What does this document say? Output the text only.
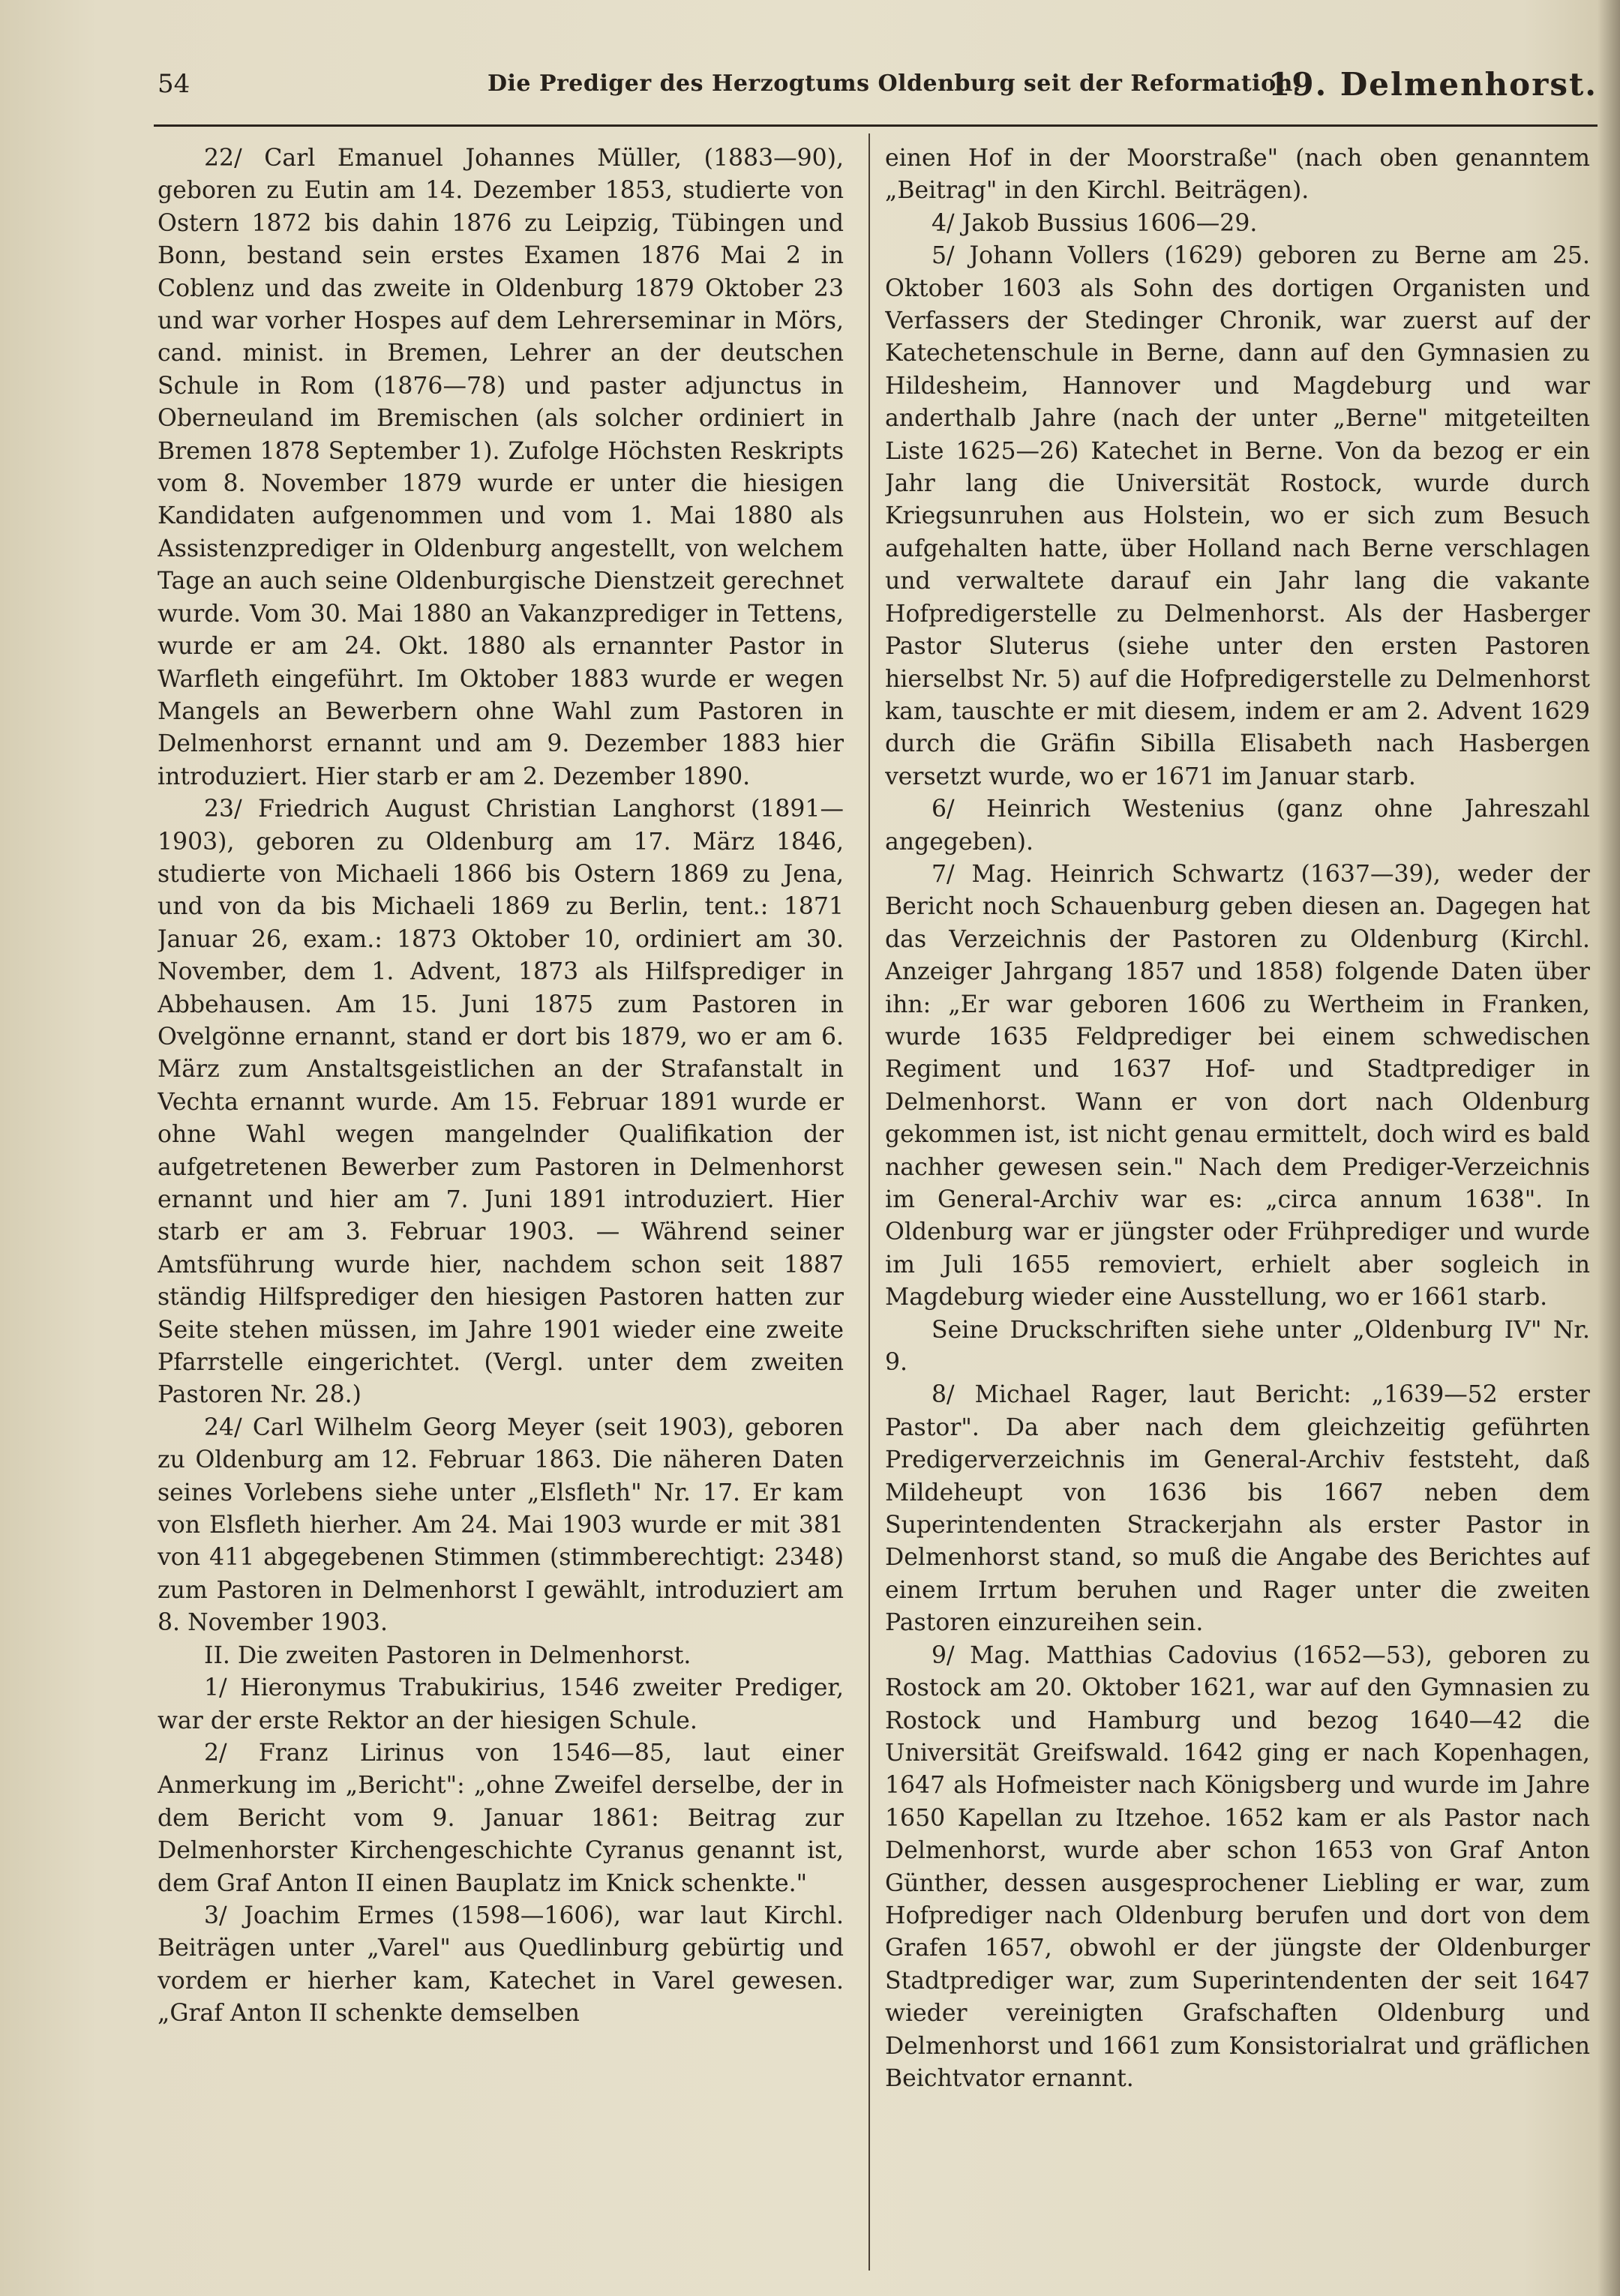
54	Die Prediger des Herzogtums Oldenburg seit der Reformation.
19. Delmenhorst.

22/ Carl Emanuel Johannes Müller, (1883—90), geboren zu Eutin am 14. Dezember 1853, studierte von Ostern 1872 bis dahin 1876 zu Leipzig, Tübingen und Bonn, bestand sein erstes Examen 1876 Mai 2 in Coblenz und das zweite in Oldenburg 1879 Oktober 23 und war vorher Hospes auf dem Lehrerseminar in Mörs, cand. minist. in Bremen, Lehrer an der deutschen Schule in Rom (1876—78) und paster adjunctus in Oberneuland im Bremischen (als solcher ordiniert in Bremen 1878 September 1). Zufolge Höchsten Reskripts vom 8. November 1879 wurde er unter die hiesigen Kandidaten aufgenommen und vom 1. Mai 1880 als Assistenzprediger in Oldenburg angestellt, von welchem Tage an auch seine Oldenburgische Dienstzeit gerechnet wurde. Vom 30. Mai 1880 an Vakanzprediger in Tettens, wurde er am 24. Okt. 1880 als ernannter Pastor in Warfleth eingeführt. Im Oktober 1883 wurde er wegen Mangels an Bewerbern ohne Wahl zum Pastoren in Delmenhorst ernannt und am 9. Dezember 1883 hier introduziert. Hier starb er am 2. Dezember 1890.

23/ Friedrich August Christian Langhorst (1891—1903), geboren zu Oldenburg am 17. März 1846, studierte von Michaeli 1866 bis Ostern 1869 zu Jena, und von da bis Michaeli 1869 zu Berlin, tent.: 1871 Januar 26, exam.: 1873 Oktober 10, ordiniert am 30. November, dem 1. Advent, 1873 als Hilfsprediger in Abbehausen. Am 15. Juni 1875 zum Pastoren in Ovelgönne ernannt, stand er dort bis 1879, wo er am 6. März zum Anstaltsgeistlichen an der Strafanstalt in Vechta ernannt wurde. Am 15. Februar 1891 wurde er ohne Wahl wegen mangelnder Qualifikation der aufgetretenen Bewerber zum Pastoren in Delmenhorst ernannt und hier am 7. Juni 1891 introduziert. Hier starb er am 3. Februar 1903. — Während seiner Amtsführung wurde hier, nachdem schon seit 1887 ständig Hilfsprediger den hiesigen Pastoren hatten zur Seite stehen müssen, im Jahre 1901 wieder eine zweite Pfarrstelle eingerichtet. (Vergl. unter dem zweiten Pastoren Nr. 28.)

24/ Carl Wilhelm Georg Meyer (seit 1903), geboren zu Oldenburg am 12. Februar 1863. Die näheren Daten seines Vorlebens siehe unter „Elsfleth" Nr. 17. Er kam von Elsfleth hierher. Am 24. Mai 1903 wurde er mit 381 von 411 abgegebenen Stimmen (stimmberechtigt: 2348) zum Pastoren in Delmenhorst I gewählt, introduziert am 8. November 1903.

II. Die zweiten Pastoren in Delmenhorst.

1/ Hieronymus Trabukirius, 1546 zweiter Prediger, war der erste Rektor an der hiesigen Schule.

2/ Franz Lirinus von 1546—85, laut einer Anmerkung im „Bericht": „ohne Zweifel derselbe, der in dem Bericht vom 9. Januar 1861: Beitrag zur Delmenhorster Kirchengeschichte Cyranus genannt ist, dem Graf Anton II einen Bauplatz im Knick schenkte."

3/ Joachim Ermes (1598—1606), war laut Kirchl. Beiträgen unter „Varel" aus Quedlinburg gebürtig und vordem er hierher kam, Katechet in Varel gewesen. „Graf Anton II schenkte demselben

einen Hof in der Moorstraße" (nach oben genanntem „Beitrag" in den Kirchl. Beiträgen).

4/ Jakob Bussius 1606—29.

5/ Johann Vollers (1629) geboren zu Berne am 25. Oktober 1603 als Sohn des dortigen Organisten und Verfassers der Stedinger Chronik, war zuerst auf der Katechetenschule in Berne, dann auf den Gymnasien zu Hildesheim, Hannover und Magdeburg und war anderthalb Jahre (nach der unter „Berne" mitgeteilten Liste 1625—26) Katechet in Berne. Von da bezog er ein Jahr lang die Universität Rostock, wurde durch Kriegsunruhen aus Holstein, wo er sich zum Besuch aufgehalten hatte, über Holland nach Berne verschlagen und verwaltete darauf ein Jahr lang die vakante Hofpredigerstelle zu Delmenhorst. Als der Hasberger Pastor Sluterus (siehe unter den ersten Pastoren hierselbst Nr. 5) auf die Hofpredigerstelle zu Delmenhorst kam, tauschte er mit diesem, indem er am 2. Advent 1629 durch die Gräfin Sibilla Elisabeth nach Hasbergen versetzt wurde, wo er 1671 im Januar starb.

6/ Heinrich Westenius (ganz ohne Jahreszahl angegeben).

7/ Mag. Heinrich Schwartz (1637—39), weder der Bericht noch Schauenburg geben diesen an. Dagegen hat das Verzeichnis der Pastoren zu Oldenburg (Kirchl. Anzeiger Jahrgang 1857 und 1858) folgende Daten über ihn: „Er war geboren 1606 zu Wertheim in Franken, wurde 1635 Feldprediger bei einem schwedischen Regiment und 1637 Hof- und Stadtprediger in Delmenhorst. Wann er von dort nach Oldenburg gekommen ist, ist nicht genau ermittelt, doch wird es bald nachher gewesen sein." Nach dem Prediger-Verzeichnis im General-Archiv war es: „circa annum 1638". In Oldenburg war er jüngster oder Frühprediger und wurde im Juli 1655 removiert, erhielt aber sogleich in Magdeburg wieder eine Ausstellung, wo er 1661 starb.

Seine Druckschriften siehe unter „Oldenburg IV" Nr. 9.

8/ Michael Rager, laut Bericht: „1639—52 erster Pastor". Da aber nach dem gleichzeitig geführten Predigerverzeichnis im General-Archiv feststeht, daß Mildeheupt von 1636 bis 1667 neben dem Superintendenten Strackerjahn als erster Pastor in Delmenhorst stand, so muß die Angabe des Berichtes auf einem Irrtum beruhen und Rager unter die zweiten Pastoren einzureihen sein.

9/ Mag. Matthias Cadovius (1652—53), geboren zu Rostock am 20. Oktober 1621, war auf den Gymnasien zu Rostock und Hamburg und bezog 1640—42 die Universität Greifswald. 1642 ging er nach Kopenhagen, 1647 als Hofmeister nach Königsberg und wurde im Jahre 1650 Kapellan zu Itzehoe. 1652 kam er als Pastor nach Delmenhorst, wurde aber schon 1653 von Graf Anton Günther, dessen ausgesprochener Liebling er war, zum Hofprediger nach Oldenburg berufen und dort von dem Grafen 1657, obwohl er der jüngste der Oldenburger Stadtprediger war, zum Superintendenten der seit 1647 wieder vereinigten Grafschaften Oldenburg und Delmenhorst und 1661 zum Konsistorialrat und gräflichen Beichtvator ernannt.
